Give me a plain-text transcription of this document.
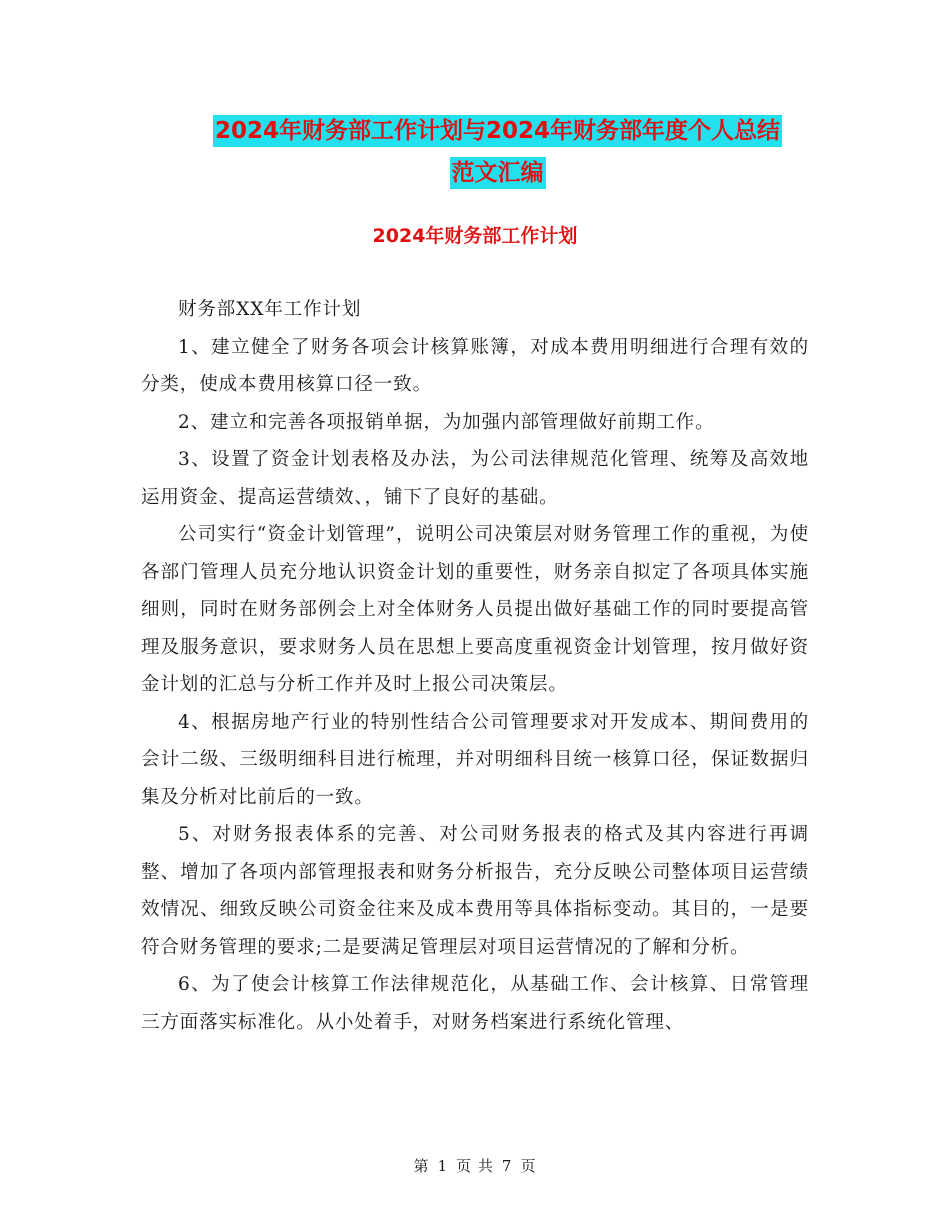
2024年财务部工作计划与2024年财务部年度个人总结
范文汇编
2024年财务部工作计划

财务部XX年工作计划

1、建立健全了财务各项会计核算账簿，对成本费用明细进行合理有效的分类，使成本费用核算口径一致。

2、建立和完善各项报销单据，为加强内部管理做好前期工作。

3、设置了资金计划表格及办法，为公司法律规范化管理、统筹及高效地运用资金、提高运营绩效、，铺下了良好的基础。

公司实行“资金计划管理”，说明公司决策层对财务管理工作的重视，为使各部门管理人员充分地认识资金计划的重要性，财务亲自拟定了各项具体实施细则，同时在财务部例会上对全体财务人员提出做好基础工作的同时要提高管理及服务意识，要求财务人员在思想上要高度重视资金计划管理，按月做好资金计划的汇总与分析工作并及时上报公司决策层。

4、根据房地产行业的特别性结合公司管理要求对开发成本、期间费用的会计二级、三级明细科目进行梳理，并对明细科目统一核算口径，保证数据归集及分析对比前后的一致。

5、对财务报表体系的完善、对公司财务报表的格式及其内容进行再调整、增加了各项内部管理报表和财务分析报告，充分反映公司整体项目运营绩效情况、细致反映公司资金往来及成本费用等具体指标变动。其目的，一是要符合财务管理的要求;二是要满足管理层对项目运营情况的了解和分析。

6、为了使会计核算工作法律规范化，从基础工作、会计核算、日常管理三方面落实标准化。从小处着手，对财务档案进行系统化管理、

第 1 页 共 7 页
